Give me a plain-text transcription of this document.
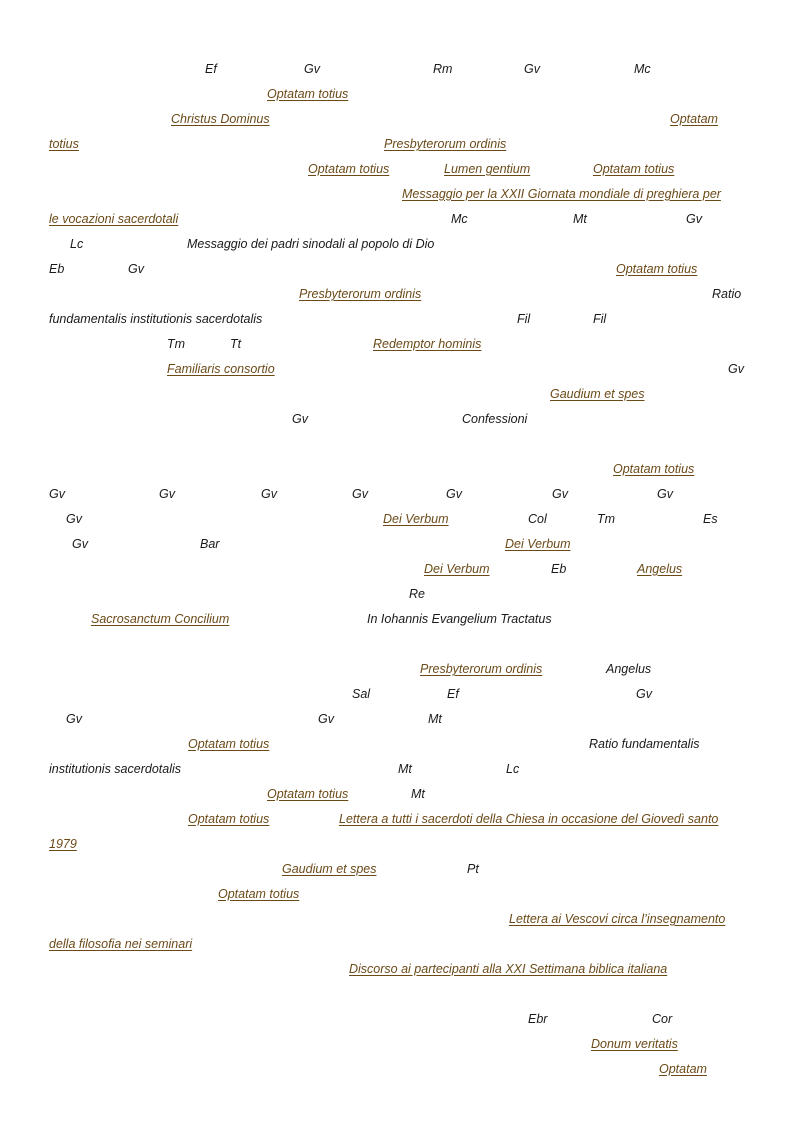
Ef	Gv	Rm	Gv	Mc
Optatam totius
Christus Dominus	Optatam
totius	Presbyterorum ordinis
Optatam totius	Lumen gentium	Optatam totius
Messaggio per la XXII Giornata mondiale di preghiera per
le vocazioni sacerdotali	Mc	Mt	Gv
Lc	Messaggio dei padri sinodali al popolo di Dio
Eb	Gv	Optatam totius
Presbyterorum ordinis	Ratio
fundamentalis institutionis sacerdotalis	Fil	Fil
Tm	Tt	Redemptor hominis
Familiaris consortio	Gv
Gaudium et spes
Gv	Confessioni
Optatam totius
Gv	Gv	Gv	Gv	Gv	Gv	Gv
Gv	Dei Verbum	Col	Tm	Es
Gv	Bar	Dei Verbum
Dei Verbum	Eb	Angelus
Re
Sacrosanctum Concilium	In Iohannis Evangelium Tractatus
Presbyterorum ordinis	Angelus
Sal	Ef	Gv
Gv	Gv	Mt
Optatam totius	Ratio fundamentalis
institutionis sacerdotalis	Mt	Lc
Optatam totius	Mt
Optatam totius	Lettera a tutti i sacerdoti della Chiesa in occasione del Giovedì santo
1979
Gaudium et spes	Pt
Optatam totius
Lettera ai Vescovi circa l’insegnamento
della filosofia nei seminari
Discorso ai partecipanti alla XXI Settimana biblica italiana
Ebr	Cor
Donum veritatis
Optatam
